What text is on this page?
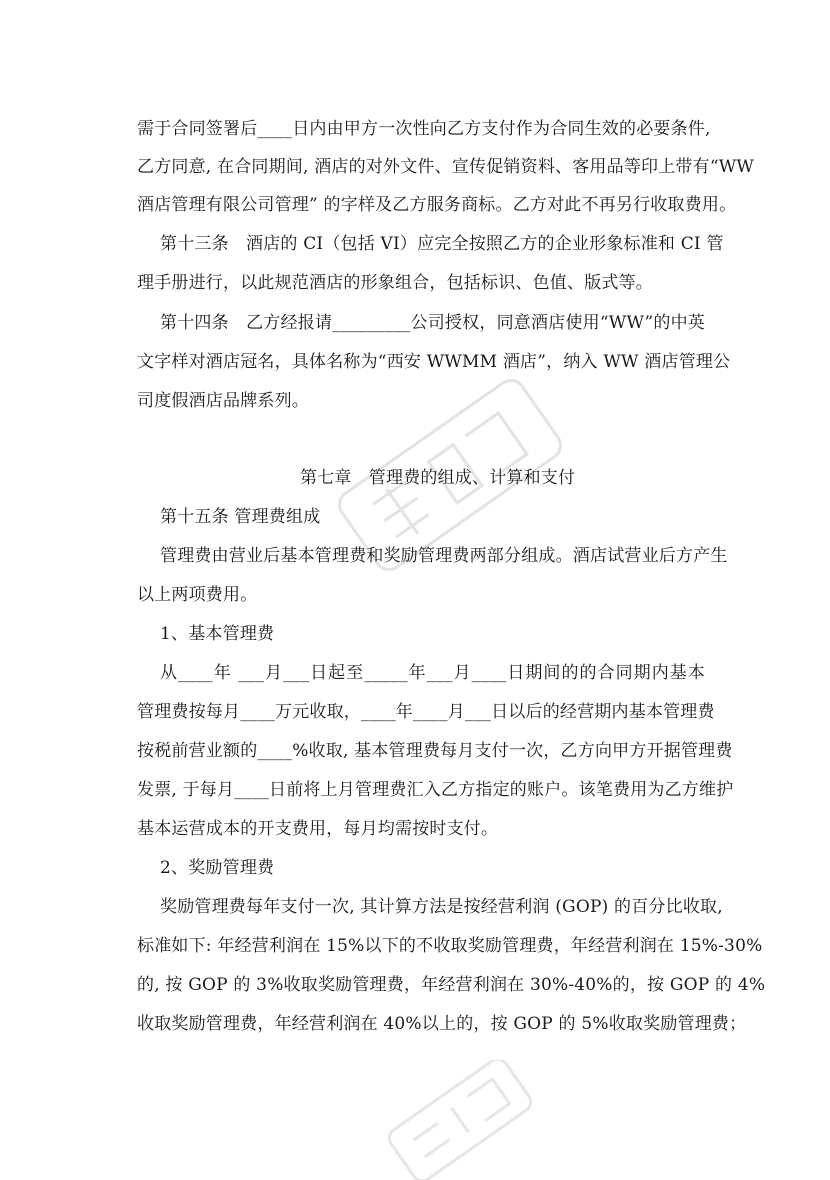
需于合同签署后____日内由甲方一次性向乙方支付作为合同生效的必要条件,

乙方同意, 在合同期间, 酒店的对外文件、宣传促销资料、客用品等印上带有“WW

酒店管理有限公司管理” 的字样及乙方服务商标。乙方对此不再另行收取费用。

第十三条　酒店的 CI（包括 VI）应完全按照乙方的企业形象标准和 CI 管

理手册进行，以此规范酒店的形象组合，包括标识、色值、版式等。

第十四条　乙方经报请_________公司授权，同意酒店使用“WW”的中英

文字样对酒店冠名，具体名称为“西安 WWMM 酒店”，纳入 WW 酒店管理公

司度假酒店品牌系列。

第七章　管理费的组成、计算和支付

第十五条 管理费组成

管理费由营业后基本管理费和奖励管理费两部分组成。酒店试营业后方产生

以上两项费用。

1、基本管理费

从____年 ___月___日起至_____年___月____日期间的的合同期内基本

管理费按每月____万元收取，____年____月___日以后的经营期内基本管理费

按税前营业额的____%收取, 基本管理费每月支付一次，乙方向甲方开据管理费

发票, 于每月____日前将上月管理费汇入乙方指定的账户。该笔费用为乙方维护

基本运营成本的开支费用，每月均需按时支付。

2、奖励管理费

奖励管理费每年支付一次, 其计算方法是按经营利润 (GOP) 的百分比收取,

标准如下: 年经营利润在 15%以下的不收取奖励管理费，年经营利润在 15%-30%

的, 按 GOP 的 3%收取奖励管理费，年经营利润在 30%-40%的，按 GOP 的 4%

收取奖励管理费，年经营利润在 40%以上的，按 GOP 的 5%收取奖励管理费；
